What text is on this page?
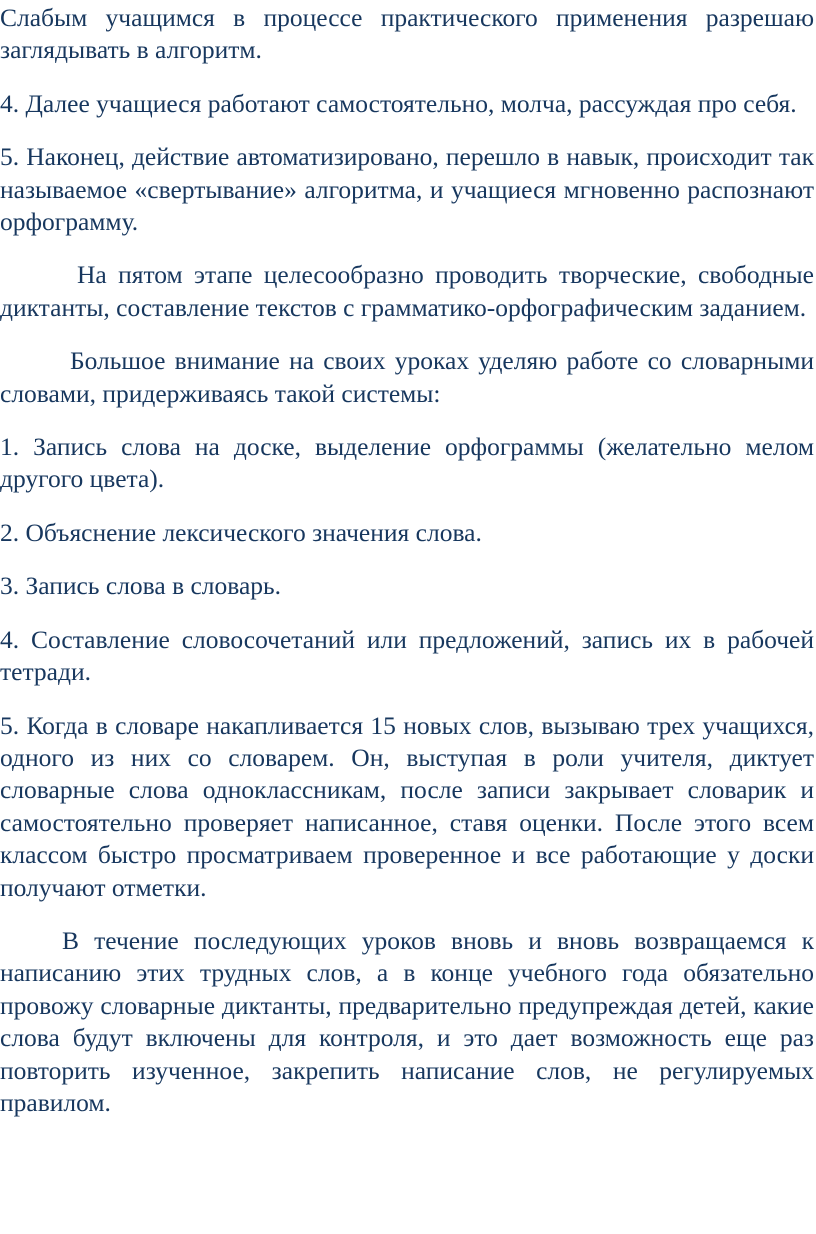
Слабым учащимся в процессе практического применения разрешаю заглядывать в алгоритм.

4. Далее учащиеся работают самостоятельно, молча, рассуждая про себя.

5. Наконец, действие автоматизировано, перешло в навык, происходит так называемое «свертывание» алгоритма, и учащиеся мгновенно распознают орфограмму.

На пятом этапе целесообразно проводить творческие, свободные диктанты, составление текстов с грамматико-орфографическим заданием.

Большое внимание на своих уроках уделяю работе со словарными словами, придерживаясь такой системы:

1. Запись слова на доске, выделение орфограммы (желательно мелом другого цвета).

2. Объяснение лексического значения слова.

3. Запись слова в словарь.

4. Составление словосочетаний или предложений, запись их в рабочей тетради.

5. Когда в словаре накапливается 15 новых слов, вызываю трех учащихся, одного из них со словарем. Он, выступая в роли учителя, диктует словарные слова одноклассникам, после записи закрывает словарик и самостоятельно проверяет написанное, ставя оценки. После этого всем классом быстро просматриваем проверенное и все работающие у доски получают отметки.

В течение последующих уроков вновь и вновь возвращаемся к написанию этих трудных слов, а в конце учебного года обязательно провожу словарные диктанты, предварительно предупреждая детей, какие слова будут включены для контроля, и это дает возможность еще раз повторить изученное, закрепить написание слов, не регулируемых правилом.
